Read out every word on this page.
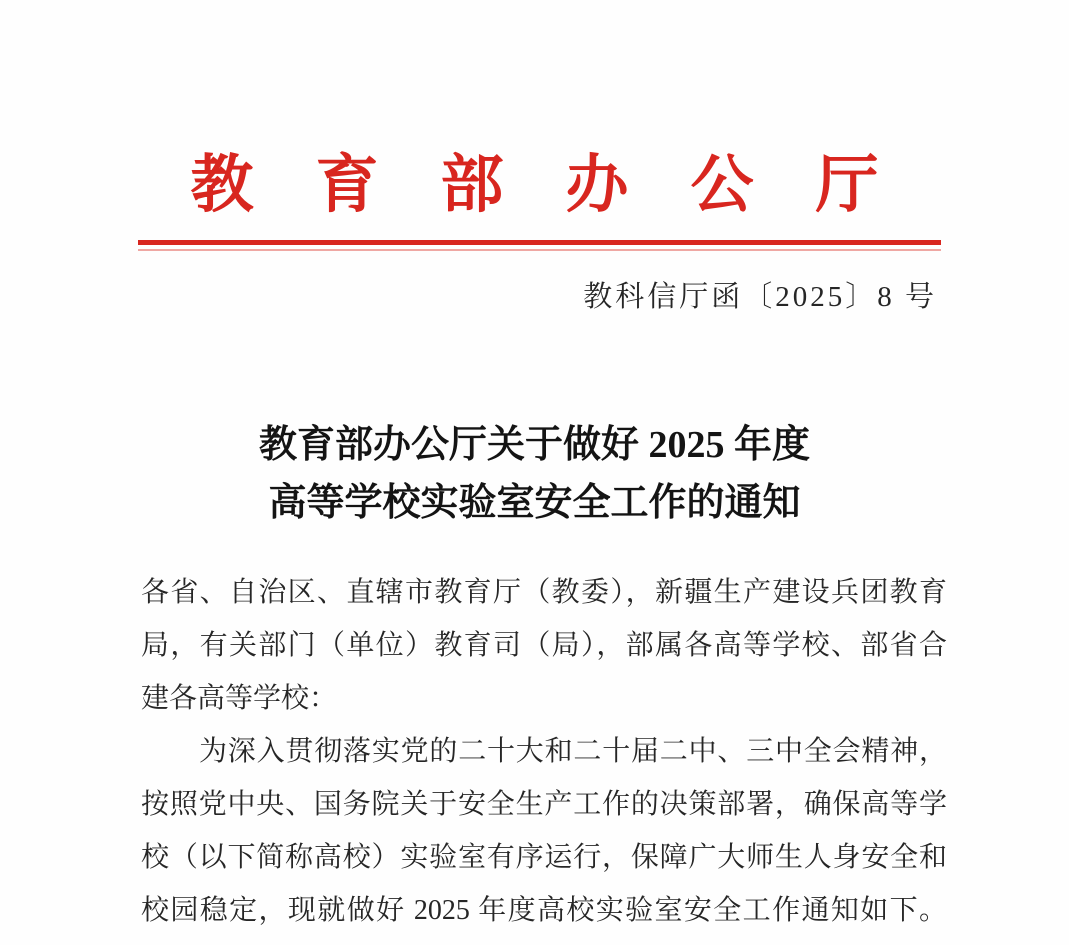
教育部办公厅
教科信厅函〔2025〕8 号
教育部办公厅关于做好 2025 年度
高等学校实验室安全工作的通知

各省、自治区、直辖市教育厅（教委），新疆生产建设兵团教育
局，有关部门（单位）教育司（局），部属各高等学校、部省合
建各高等学校：

为深入贯彻落实党的二十大和二十届二中、三中全会精神，
按照党中央、国务院关于安全生产工作的决策部署，确保高等学
校（以下简称高校）实验室有序运行，保障广大师生人身安全和
校园稳定，现就做好 2025 年度高校实验室安全工作通知如下。
